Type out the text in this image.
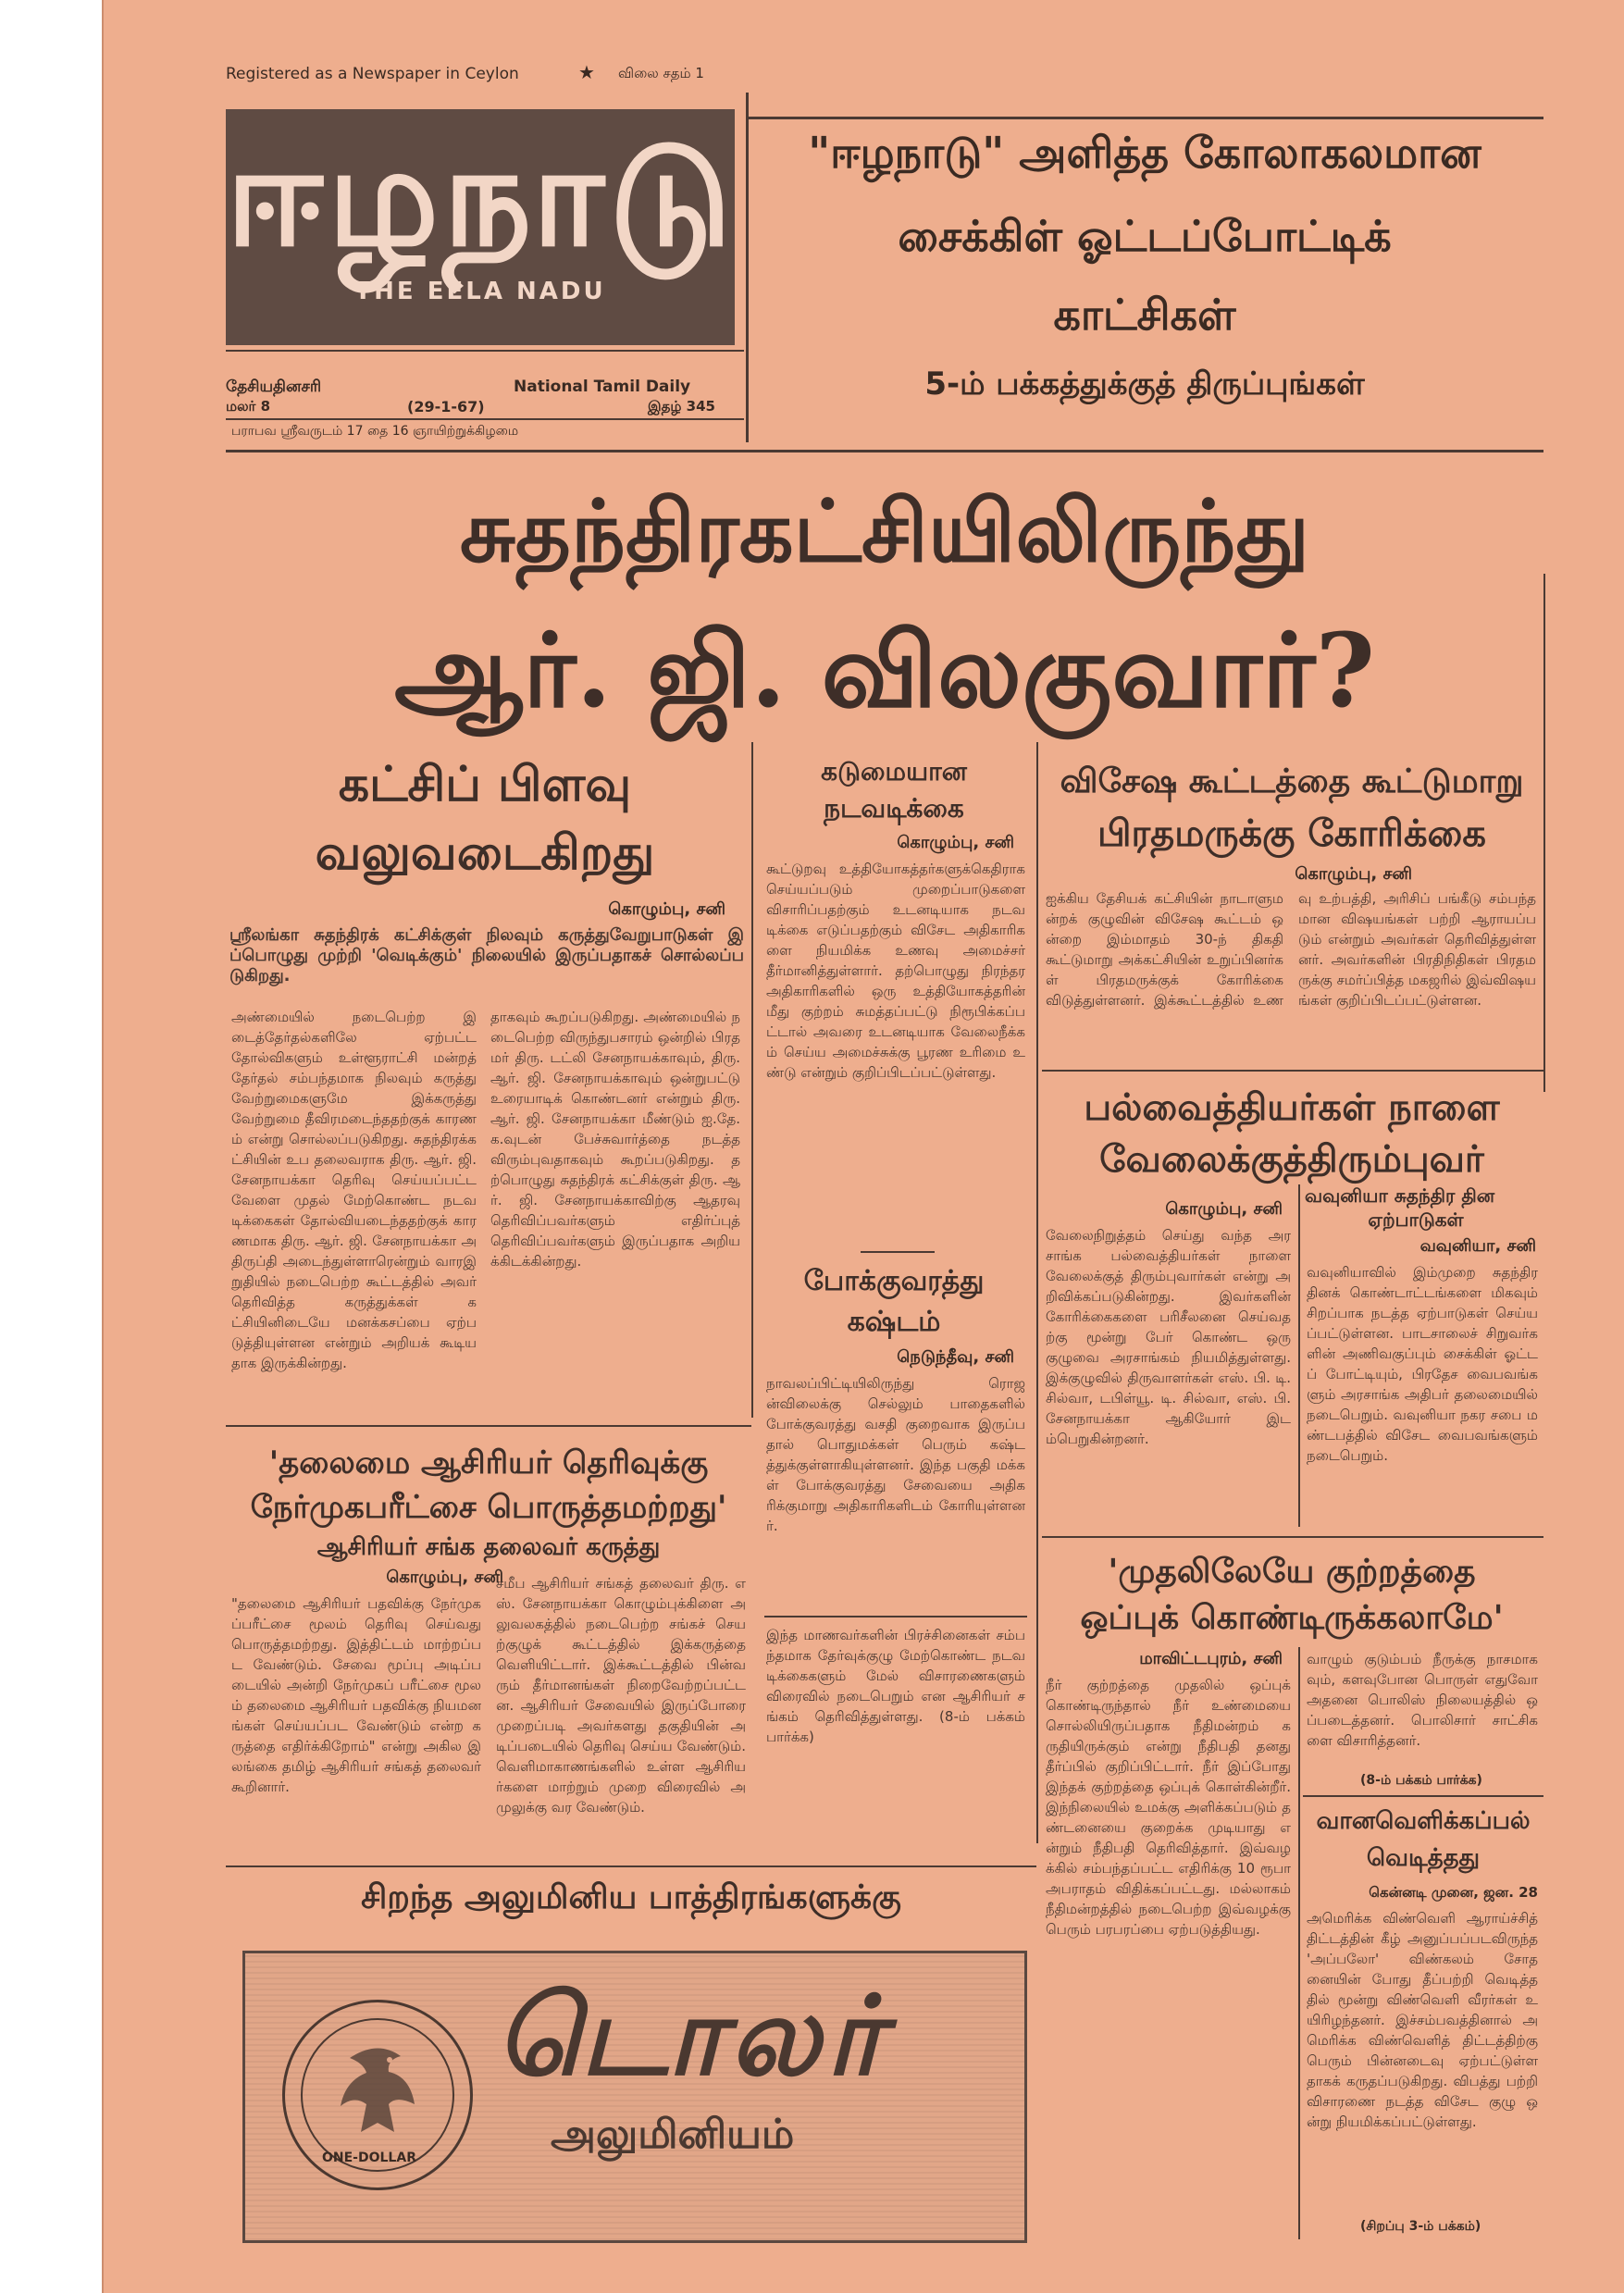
Registered as a Newspaper in Ceylon	★ விலை சதம் 1
ஈழநாடு
THE EELA NADU
தேசியதினசரி	National Tamil Daily
மலர் 8	(29-1-67)	இதழ் 345
பராபவ ஸ்ரீவருடம் 17 தை 16 ஞாயிற்றுக்கிழமை
"ஈழநாடு" அளித்த கோலாகலமான
சைக்கிள் ஓட்டப்போட்டிக்
காட்சிகள்
5-ம் பக்கத்துக்குத் திருப்புங்கள்
சுதந்திரகட்சியிலிருந்து
ஆர். ஜி. விலகுவார்?
கட்சிப் பிளவு
வலுவடைகிறது
கொழும்பு, சனி
ஸ்ரீலங்கா சுதந்திரக் கட்சிக்குள் நிலவும் கருத்துவேறுபாடுகள் இப்பொழுது முற்றி 'வெடிக்கும்' நிலையில் இருப்பதாகச் சொல்லப்படுகிறது.
அண்மையில் நடைபெற்ற இடைத்தேர்தல்களிலே ஏற்பட்ட தோல்விகளும் உள்ளூராட்சி மன்றத் தேர்தல் சம்பந்தமாக நிலவும் கருத்து வேற்றுமைகளுமே இக்கருத்து வேற்றுமை தீவிரமடைந்ததற்குக் காரணம் என்று சொல்லப்படுகிறது. சுதந்திரக்கட்சியின் உப தலைவராக திரு. ஆர். ஜி. சேனநாயக்கா தெரிவு செய்யப்பட்டவேளை முதல் மேற்கொண்ட நடவடிக்கைகள் தோல்வியடைந்ததற்குக் காரணமாக திரு. ஆர். ஜி. சேனநாயக்கா அதிருப்தி அடைந்துள்ளாரென்றும் வாரஇறுதியில் நடைபெற்ற கூட்டத்தில் அவர் தெரிவித்த கருத்துக்கள் கட்சியினிடையே மனக்கசப்பை ஏற்படுத்தியுள்ளன என்றும் அறியக் கூடியதாக இருக்கின்றது.
தாகவும் கூறப்படுகிறது. அண்மையில் நடைபெற்ற விருந்துபசாரம் ஒன்றில் பிரதமர் திரு. டட்லி சேனநாயக்காவும், திரு. ஆர். ஜி. சேனநாயக்காவும் ஒன்றுபட்டு உரையாடிக் கொண்டனர் என்றும் திரு. ஆர். ஜி. சேனநாயக்கா மீண்டும் ஐ.தே.க.வுடன் பேச்சுவார்த்தை நடத்த விரும்புவதாகவும் கூறப்படுகிறது. தற்பொழுது சுதந்திரக் கட்சிக்குள் திரு. ஆர். ஜி. சேனநாயக்காவிற்கு ஆதரவு தெரிவிப்பவர்களும் எதிர்ப்புத் தெரிவிப்பவர்களும் இருப்பதாக அறியக்கிடக்கின்றது.
கடுமையான
நடவடிக்கை
கொழும்பு, சனி
கூட்டுறவு உத்தியோகத்தர்களுக்கெதிராக செய்யப்படும் முறைப்பாடுகளை விசாரிப்பதற்கும் உடனடியாக நடவடிக்கை எடுப்பதற்கும் விசேட அதிகாரிகளை நியமிக்க உணவு அமைச்சர் தீர்மானித்துள்ளார். தற்பொழுது நிரந்தர அதிகாரிகளில் ஒரு உத்தியோகத்தரின் மீது குற்றம் சுமத்தப்பட்டு நிரூபிக்கப்பட்டால் அவரை உடனடியாக வேலைநீக்கம் செய்ய அமைச்சுக்கு பூரண உரிமை உண்டு என்றும் குறிப்பிடப்பட்டுள்ளது.
போக்குவரத்து
கஷ்டம்
நெடுந்தீவு, சனி
நாவலப்பிட்டியிலிருந்து ரொஜன்விலைக்கு செல்லும் பாதைகளில் போக்குவரத்து வசதி குறைவாக இருப்பதால் பொதுமக்கள் பெரும் கஷ்டத்துக்குள்ளாகியுள்ளனர். இந்த பகுதி மக்கள் போக்குவரத்து சேவையை அதிகரிக்குமாறு அதிகாரிகளிடம் கோரியுள்ளனர்.
இந்த மாணவர்களின் பிரச்சினைகள் சம்பந்தமாக தேர்வுக்குழு மேற்கொண்ட நடவடிக்கைகளும் மேல் விசாரணைகளும் விரைவில் நடைபெறும் என ஆசிரியர் சங்கம் தெரிவித்துள்ளது. (8-ம் பக்கம் பார்க்க)
விசேஷ கூட்டத்தை கூட்டுமாறு
பிரதமருக்கு கோரிக்கை
கொழும்பு, சனி
ஐக்கிய தேசியக் கட்சியின் நாடாளுமன்றக் குழுவின் விசேஷ கூட்டம் ஒன்றை இம்மாதம் 30-ந் திகதி கூட்டுமாறு அக்கட்சியின் உறுப்பினர்கள் பிரதமருக்குக் கோரிக்கை விடுத்துள்ளனர். இக்கூட்டத்தில் உணவு உற்பத்தி, அரிசிப் பங்கீடு சம்பந்தமான விஷயங்கள் பற்றி ஆராயப்படும் என்றும் அவர்கள் தெரிவித்துள்ளனர். அவர்களின் பிரதிநிதிகள் பிரதமருக்கு சமர்ப்பித்த மகஜரில் இவ்விஷயங்கள் குறிப்பிடப்பட்டுள்ளன.
பல்வைத்தியர்கள் நாளை
வேலைக்குத்திரும்புவர்
கொழும்பு, சனி
வேலைநிறுத்தம் செய்து வந்த அரசாங்க பல்வைத்தியர்கள் நாளை வேலைக்குத் திரும்புவார்கள் என்று அறிவிக்கப்படுகின்றது. இவர்களின் கோரிக்கைகளை பரிசீலனை செய்வதற்கு மூன்று பேர் கொண்ட ஒரு குழுவை அரசாங்கம் நியமித்துள்ளது. இக்குழுவில் திருவாளர்கள் எஸ். பி. டி. சில்வா, டபிள்யூ. டி. சில்வா, எஸ். பி. சேனநாயக்கா ஆகியோர் இடம்பெறுகின்றனர்.
வவுனியா சுதந்திர தின
ஏற்பாடுகள்
வவுனியா, சனி
வவுனியாவில் இம்முறை சுதந்திர தினக் கொண்டாட்டங்களை மிகவும் சிறப்பாக நடத்த ஏற்பாடுகள் செய்யப்பட்டுள்ளன. பாடசாலைச் சிறுவர்களின் அணிவகுப்பும் சைக்கிள் ஓட்டப் போட்டியும், பிரதேச வைபவங்களும் அரசாங்க அதிபர் தலைமையில் நடைபெறும். வவுனியா நகர சபை மண்டபத்தில் விசேட வைபவங்களும் நடைபெறும்.
'தலைமை ஆசிரியர் தெரிவுக்கு
நேர்முகபரீட்சை பொருத்தமற்றது'
ஆசிரியர் சங்க தலைவர் கருத்து
கொழும்பு, சனி
"தலைமை ஆசிரியர் பதவிக்கு நேர்முகப்பரீட்சை மூலம் தெரிவு செய்வது பொருத்தமற்றது. இத்திட்டம் மாற்றப்பட வேண்டும். சேவை மூப்பு அடிப்படையில் அன்றி நேர்முகப் பரீட்சை மூலம் தலைமை ஆசிரியர் பதவிக்கு நியமனங்கள் செய்யப்பட வேண்டும் என்ற கருத்தை எதிர்க்கிறோம்" என்று அகில இலங்கை தமிழ் ஆசிரியர் சங்கத் தலைவர் கூறினார்.
சமீப ஆசிரியர் சங்கத் தலைவர் திரு. எஸ். சேனநாயக்கா கொழும்புக்கிளை அலுவலகத்தில் நடைபெற்ற சங்கச் செயற்குழுக் கூட்டத்தில் இக்கருத்தை வெளியிட்டார். இக்கூட்டத்தில் பின்வரும் தீர்மானங்கள் நிறைவேற்றப்பட்டன. ஆசிரியர் சேவையில் இருப்போரை முறைப்படி அவர்களது தகுதியின் அடிப்படையில் தெரிவு செய்ய வேண்டும். வெளிமாகாணங்களில் உள்ள ஆசிரியர்களை மாற்றும் முறை விரைவில் அமுலுக்கு வர வேண்டும்.
'முதலிலேயே குற்றத்தை
ஒப்புக் கொண்டிருக்கலாமே'
மாவிட்டபுரம், சனி
நீர் குற்றத்தை முதலில் ஒப்புக் கொண்டிருந்தால் நீர் உண்மையை சொல்லியிருப்பதாக நீதிமன்றம் கருதியிருக்கும் என்று நீதிபதி தனது தீர்ப்பில் குறிப்பிட்டார். நீர் இப்போது இந்தக் குற்றத்தை ஒப்புக் கொள்கின்றீர். இந்நிலையில் உமக்கு அளிக்கப்படும் தண்டனையை குறைக்க முடியாது என்றும் நீதிபதி தெரிவித்தார். இவ்வழக்கில் சம்பந்தப்பட்ட எதிரிக்கு 10 ரூபா அபராதம் விதிக்கப்பட்டது. மல்லாகம் நீதிமன்றத்தில் நடைபெற்ற இவ்வழக்கு பெரும் பரபரப்பை ஏற்படுத்தியது.
வாழும் குடும்பம் நீருக்கு நாசமாகவும், களவுபோன பொருள் எதுவோ அதனை பொலிஸ் நிலையத்தில் ஒப்படைத்தனர். பொலிசார் சாட்சிகளை விசாரித்தனர்.
(8-ம் பக்கம் பார்க்க)
வானவெளிக்கப்பல்
வெடித்தது
கென்னடி முனை, ஜன. 28
அமெரிக்க விண்வெளி ஆராய்ச்சித் திட்டத்தின் கீழ் அனுப்பப்படவிருந்த 'அப்பலோ' விண்கலம் சோதனையின் போது தீப்பற்றி வெடித்ததில் மூன்று விண்வெளி வீரர்கள் உயிரிழந்தனர். இச்சம்பவத்தினால் அமெரிக்க விண்வெளித் திட்டத்திற்கு பெரும் பின்னடைவு ஏற்பட்டுள்ளதாகக் கருதப்படுகிறது. விபத்து பற்றி விசாரணை நடத்த விசேட குழு ஒன்று நியமிக்கப்பட்டுள்ளது.
(சிறப்பு 3-ம் பக்கம்)
சிறந்த அலுமினிய பாத்திரங்களுக்கு
ONE-DOLLAR
டொலர்
அலுமினியம்
